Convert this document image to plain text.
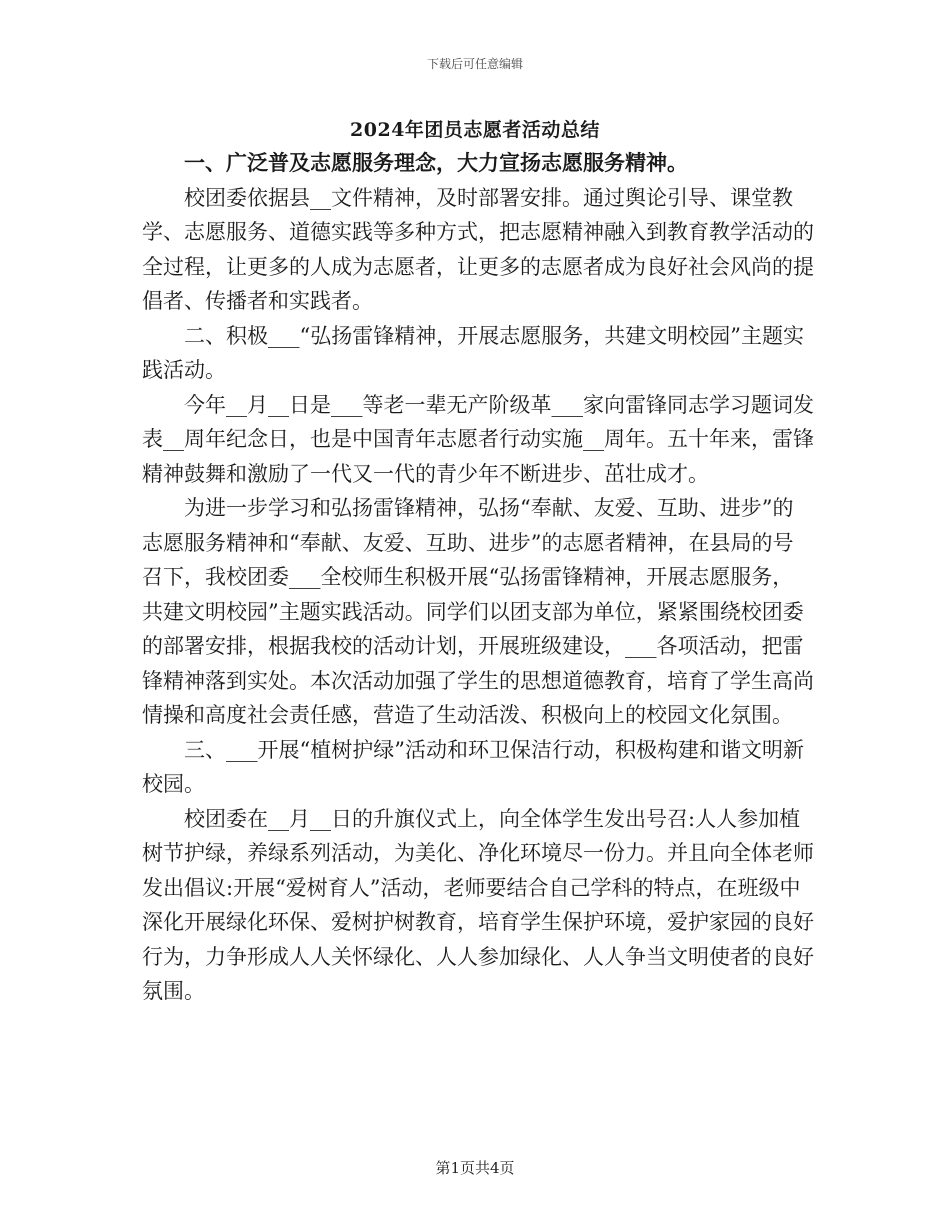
下载后可任意编辑
2024年团员志愿者活动总结

一、广泛普及志愿服务理念，大力宣扬志愿服务精神。

校团委依据县__文件精神，及时部署安排。通过舆论引导、课堂教学、志愿服务、道德实践等多种方式，把志愿精神融入到教育教学活动的全过程，让更多的人成为志愿者，让更多的志愿者成为良好社会风尚的提倡者、传播者和实践者。

二、积极___“弘扬雷锋精神，开展志愿服务，共建文明校园”主题实践活动。

今年__月__日是___等老一辈无产阶级革___家向雷锋同志学习题词发表__周年纪念日，也是中国青年志愿者行动实施__周年。五十年来，雷锋精神鼓舞和激励了一代又一代的青少年不断进步、茁壮成才。

为进一步学习和弘扬雷锋精神，弘扬“奉献、友爱、互助、进步”的志愿服务精神和“奉献、友爱、互助、进步”的志愿者精神，在县局的号召下，我校团委___全校师生积极开展“弘扬雷锋精神，开展志愿服务，共建文明校园”主题实践活动。同学们以团支部为单位，紧紧围绕校团委的部署安排，根据我校的活动计划，开展班级建设，___各项活动，把雷锋精神落到实处。本次活动加强了学生的思想道德教育，培育了学生高尚情操和高度社会责任感，营造了生动活泼、积极向上的校园文化氛围。

三、___开展“植树护绿”活动和环卫保洁行动，积极构建和谐文明新校园。

校团委在__月__日的升旗仪式上，向全体学生发出号召:人人参加植树节护绿，养绿系列活动，为美化、净化环境尽一份力。并且向全体老师发出倡议:开展“爱树育人”活动，老师要结合自己学科的特点，在班级中深化开展绿化环保、爱树护树教育，培育学生保护环境，爱护家园的良好行为，力争形成人人关怀绿化、人人参加绿化、人人争当文明使者的良好氛围。

第1页共4页
